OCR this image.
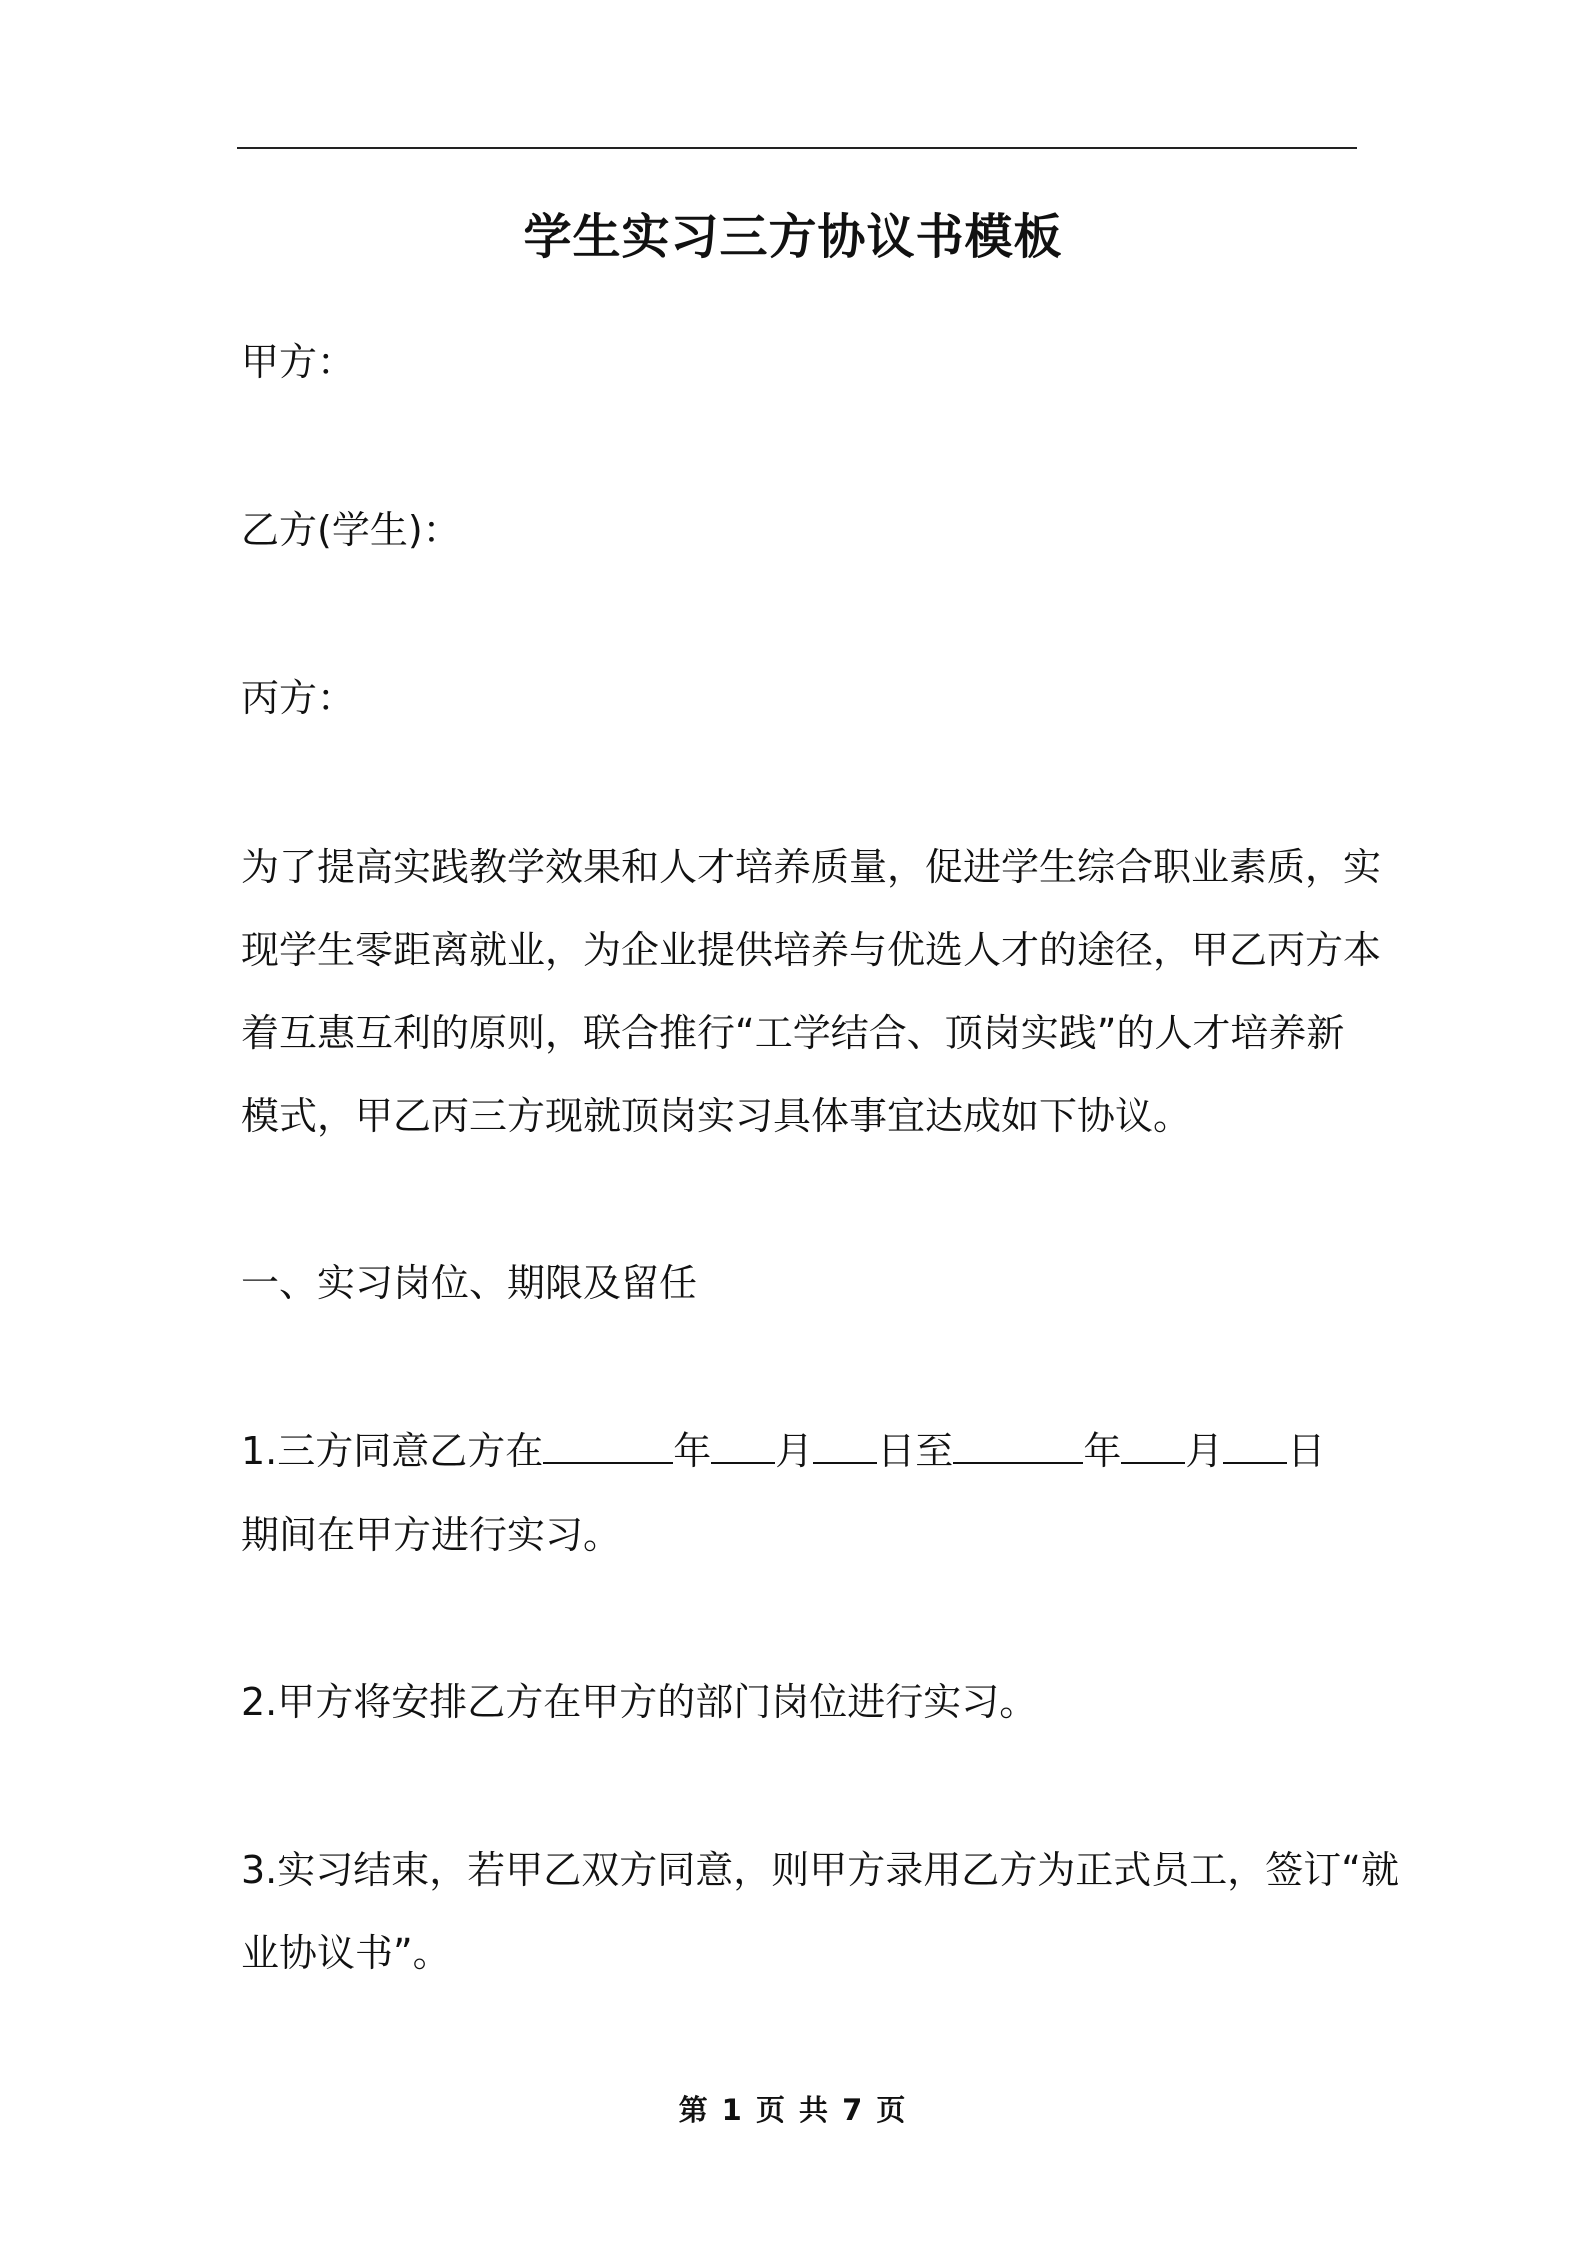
学生实习三方协议书模板
甲方：
乙方(学生)：
丙方：
为了提高实践教学效果和人才培养质量，促进学生综合职业素质，实
现学生零距离就业，为企业提供培养与优选人才的途径，甲乙丙方本
着互惠互利的原则，联合推行“工学结合、顶岗实践”的人才培养新
模式，甲乙丙三方现就顶岗实习具体事宜达成如下协议。
一、实习岗位、期限及留任
1.三方同意乙方在	年 月 日至	年 月 日
期间在甲方进行实习。
2.甲方将安排乙方在甲方的部门岗位进行实习。
3.实习结束，若甲乙双方同意，则甲方录用乙方为正式员工，签订“就
业协议书”。
第 1 页 共 7 页
